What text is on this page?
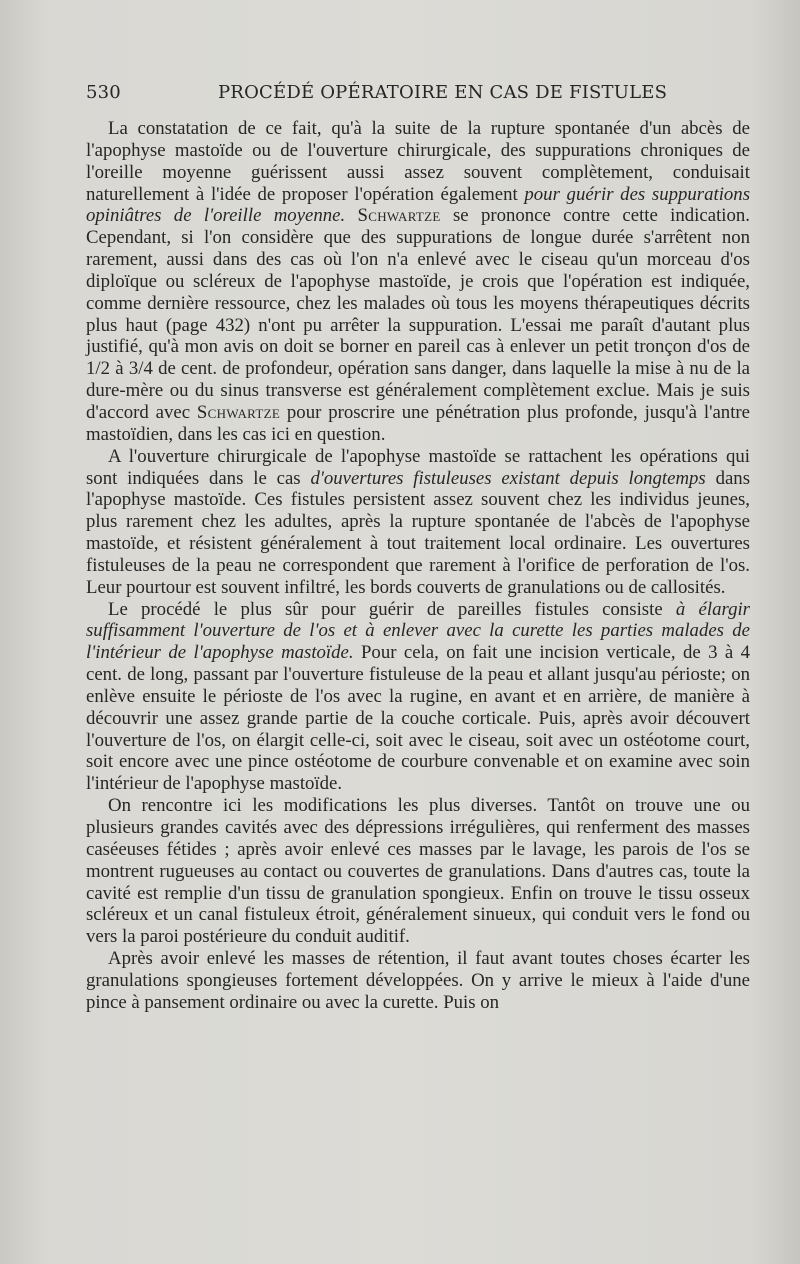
530	PROCÉDÉ OPÉRATOIRE EN CAS DE FISTULES

La constatation de ce fait, qu'à la suite de la rupture spontanée d'un abcès de l'apophyse mastoïde ou de l'ouverture chirurgicale, des suppurations chroniques de l'oreille moyenne guérissent aussi assez souvent complètement, conduisait naturellement à l'idée de proposer l'opération également pour guérir des suppurations opiniâtres de l'oreille moyenne. Schwartze se prononce contre cette indication. Cependant, si l'on considère que des suppurations de longue durée s'arrêtent non rarement, aussi dans des cas où l'on n'a enlevé avec le ciseau qu'un morceau d'os diploïque ou scléreux de l'apophyse mastoïde, je crois que l'opération est indiquée, comme dernière ressource, chez les malades où tous les moyens thérapeutiques décrits plus haut (page 432) n'ont pu arrêter la suppuration. L'essai me paraît d'autant plus justifié, qu'à mon avis on doit se borner en pareil cas à enlever un petit tronçon d'os de 1/2 à 3/4 de cent. de profondeur, opération sans danger, dans laquelle la mise à nu de la dure-mère ou du sinus transverse est généralement complètement exclue. Mais je suis d'accord avec Schwartze pour proscrire une pénétration plus profonde, jusqu'à l'antre mastoïdien, dans les cas ici en question.

A l'ouverture chirurgicale de l'apophyse mastoïde se rattachent les opérations qui sont indiquées dans le cas d'ouvertures fistuleuses existant depuis longtemps dans l'apophyse mastoïde. Ces fistules persistent assez souvent chez les individus jeunes, plus rarement chez les adultes, après la rupture spontanée de l'abcès de l'apophyse mastoïde, et résistent généralement à tout traitement local ordinaire. Les ouvertures fistuleuses de la peau ne correspondent que rarement à l'orifice de perforation de l'os. Leur pourtour est souvent infiltré, les bords couverts de granulations ou de callosités.

Le procédé le plus sûr pour guérir de pareilles fistules consiste à élargir suffisamment l'ouverture de l'os et à enlever avec la curette les parties malades de l'intérieur de l'apophyse mastoïde. Pour cela, on fait une incision verticale, de 3 à 4 cent. de long, passant par l'ouverture fistuleuse de la peau et allant jusqu'au périoste; on enlève ensuite le périoste de l'os avec la rugine, en avant et en arrière, de manière à découvrir une assez grande partie de la couche corticale. Puis, après avoir découvert l'ouverture de l'os, on élargit celle-ci, soit avec le ciseau, soit avec un ostéotome court, soit encore avec une pince ostéotome de courbure convenable et on examine avec soin l'intérieur de l'apophyse mastoïde.

On rencontre ici les modifications les plus diverses. Tantôt on trouve une ou plusieurs grandes cavités avec des dépressions irrégulières, qui renferment des masses caséeuses fétides ; après avoir enlevé ces masses par le lavage, les parois de l'os se montrent rugueuses au contact ou couvertes de granulations. Dans d'autres cas, toute la cavité est remplie d'un tissu de granulation spongieux. Enfin on trouve le tissu osseux scléreux et un canal fistuleux étroit, généralement sinueux, qui conduit vers le fond ou vers la paroi postérieure du conduit auditif.

Après avoir enlevé les masses de rétention, il faut avant toutes choses écarter les granulations spongieuses fortement développées. On y arrive le mieux à l'aide d'une pince à pansement ordinaire ou avec la curette. Puis on
